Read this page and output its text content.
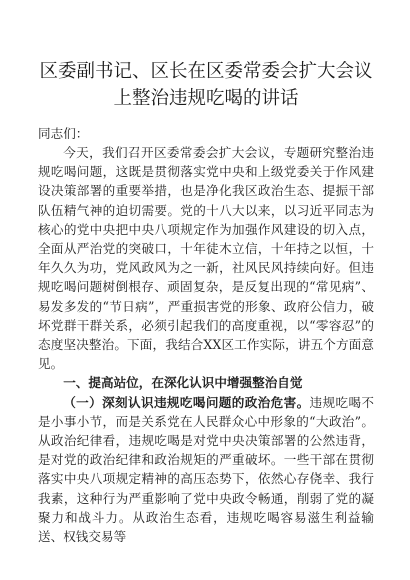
区委副书记、区长在区委常委会扩大会议上整治违规吃喝的讲话
同志们：

今天，我们召开区委常委会扩大会议，专题研究整治违规吃喝问题，这既是贯彻落实党中央和上级党委关于作风建设决策部署的重要举措，也是净化我区政治生态、提振干部队伍精气神的迫切需要。党的十八大以来，以习近平同志为核心的党中央把中央八项规定作为加强作风建设的切入点，全面从严治党的突破口，十年徒木立信，十年持之以恒，十年久久为功，党风政风为之一新，社风民风持续向好。但违规吃喝问题树倒根存、顽固复杂，是反复出现的“常见病”、易发多发的“节日病”，严重损害党的形象、政府公信力，破坏党群干群关系，必须引起我们的高度重视，以“零容忍”的态度坚决整治。下面，我结合XX区工作实际，讲五个方面意见。

一、提高站位，在深化认识中增强整治自觉

（一）深刻认识违规吃喝问题的政治危害。违规吃喝不是小事小节，而是关系党在人民群众心中形象的“大政治”。从政治纪律看，违规吃喝是对党中央决策部署的公然违背，是对党的政治纪律和政治规矩的严重破坏。一些干部在贯彻落实中央八项规定精神的高压态势下，依然心存侥幸、我行我素，这种行为严重影响了党中央政令畅通，削弱了党的凝聚力和战斗力。从政治生态看，违规吃喝容易滋生利益输送、权钱交易等
